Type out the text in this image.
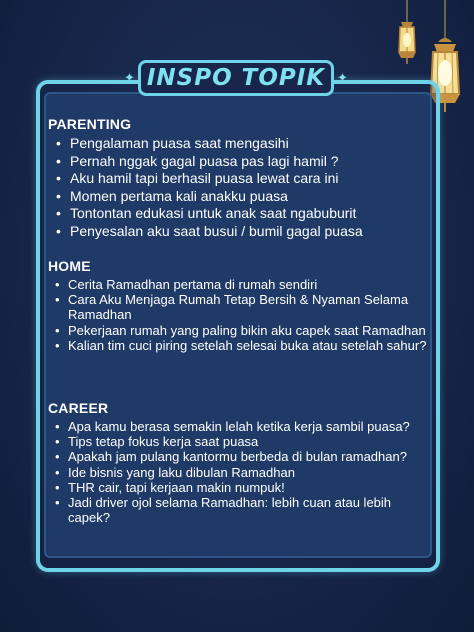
INSPO TOPIK
✦	✦
PARENTING
• Pengalaman puasa saat mengasihi
• Pernah nggak gagal puasa pas lagi hamil ?
• Aku hamil tapi berhasil puasa lewat cara ini
• Momen pertama kali anakku puasa
• Tontontan edukasi untuk anak saat ngabuburit
• Penyesalan aku saat busui / bumil gagal puasa
HOME
• Cerita Ramadhan pertama di rumah sendiri
• Cara Aku Menjaga Rumah Tetap Bersih & Nyaman Selama Ramadhan
• Pekerjaan rumah yang paling bikin aku capek saat Ramadhan
• Kalian tim cuci piring setelah selesai buka atau setelah sahur?
CAREER
• Apa kamu berasa semakin lelah ketika kerja sambil puasa?
• Tips tetap fokus kerja saat puasa
• Apakah jam pulang kantormu berbeda di bulan ramadhan?
• Ide bisnis yang laku dibulan Ramadhan
• THR cair, tapi kerjaan makin numpuk!
• Jadi driver ojol selama Ramadhan: lebih cuan atau lebih capek?
